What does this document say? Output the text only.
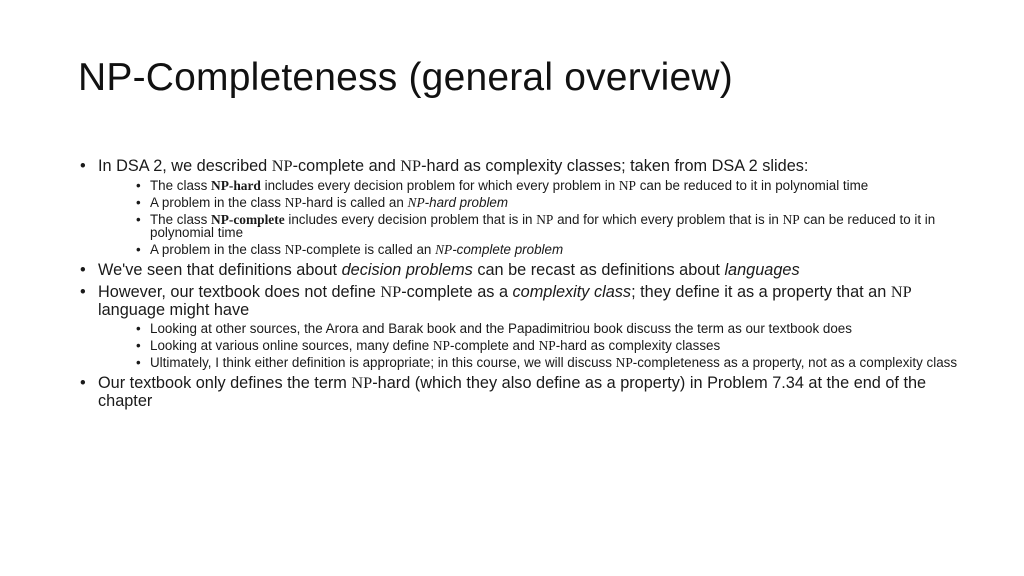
NP-Completeness (general overview)
• In DSA 2, we described NP-complete and NP-hard as complexity classes; taken from DSA 2 slides:
• The class NP-hard includes every decision problem for which every problem in NP can be reduced to it in polynomial time
• A problem in the class NP-hard is called an NP-hard problem
• The class NP-complete includes every decision problem that is in NP and for which every problem that is in NP can be reduced to it in polynomial time
• A problem in the class NP-complete is called an NP-complete problem
• We've seen that definitions about decision problems can be recast as definitions about languages
• However, our textbook does not define NP-complete as a complexity class; they define it as a property that an NP language might have
• Looking at other sources, the Arora and Barak book and the Papadimitriou book discuss the term as our textbook does
• Looking at various online sources, many define NP-complete and NP-hard as complexity classes
• Ultimately, I think either definition is appropriate; in this course, we will discuss NP-completeness as a property, not as a complexity class
• Our textbook only defines the term NP-hard (which they also define as a property) in Problem 7.34 at the end of the chapter
